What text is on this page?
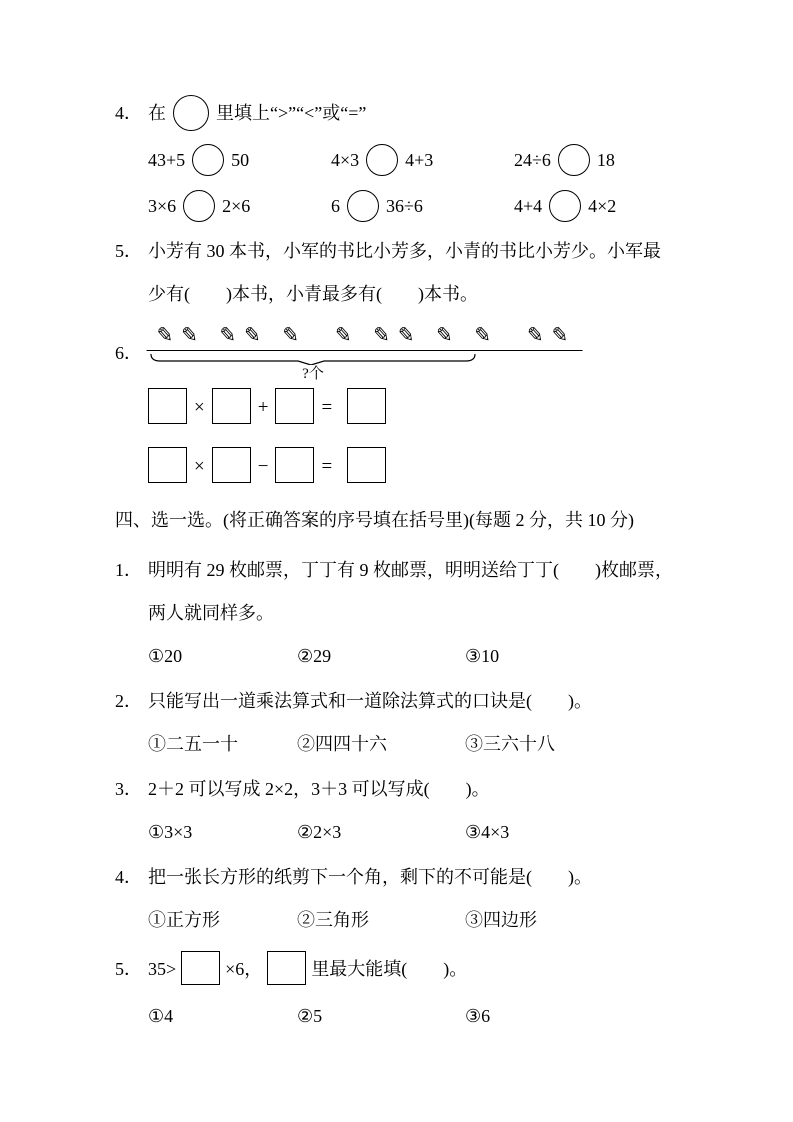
4． 在	里填上“>”“<”或“=”
43+5	50	4×3	4+3	24÷6	18
3×6	2×6	6	36÷6	4+4	4×2
5． 小芳有 30 本书，小军的书比小芳多，小青的书比小芳少。小军最
少有(　　)本书，小青最多有(　　)本书。
6．
✎✎ ✎✎ ✎　✎ ✎✎ ✎ ✎　✎✎
?个
×	+	=
×	−	=
四、选一选。(将正确答案的序号填在括号里)(每题 2 分，共 10 分)
1． 明明有 29 枚邮票，丁丁有 9 枚邮票，明明送给丁丁(　　)枚邮票，
两人就同样多。
①20	②29	③10
2． 只能写出一道乘法算式和一道除法算式的口诀是(　　)。
①二五一十	②四四十六	③三六十八
3． 2＋2 可以写成 2×2，3＋3 可以写成(　　)。
①3×3	②2×3	③4×3
4． 把一张长方形的纸剪下一个角，剩下的不可能是(　　)。
①正方形	②三角形	③四边形
5． 35>	×6，	里最大能填(　　)。
①4	②5	③6
